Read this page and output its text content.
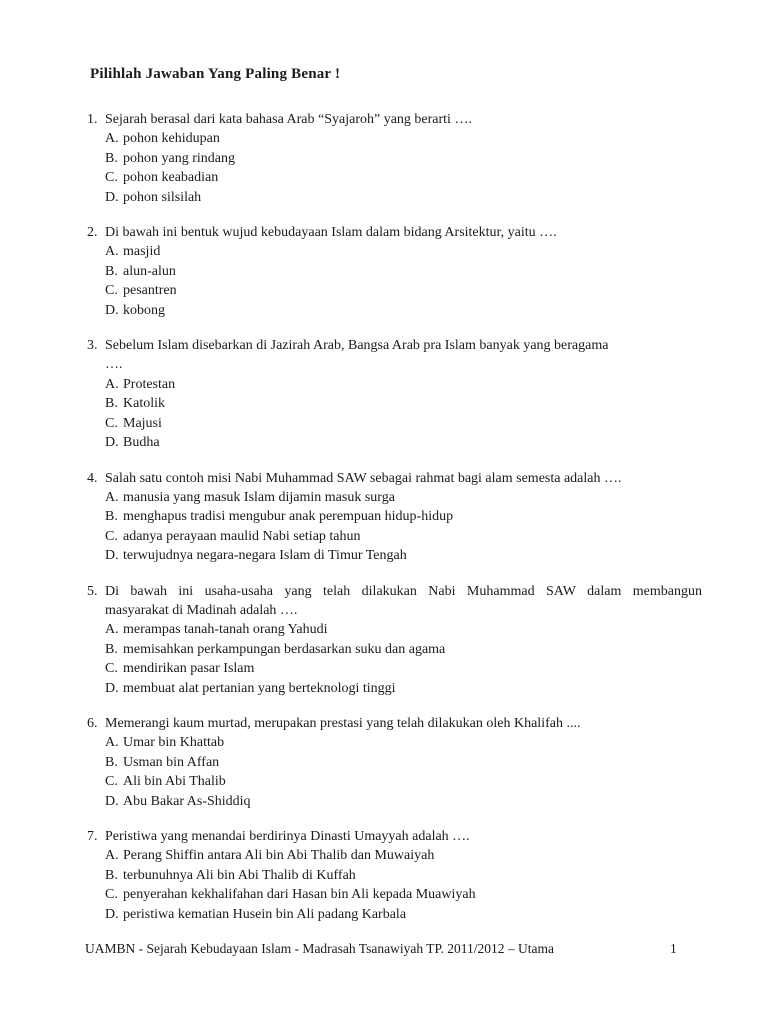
Pilihlah Jawaban Yang Paling Benar !
1. Sejarah berasal dari kata bahasa Arab “Syajaroh” yang berarti ….
A. pohon kehidupan
B. pohon yang rindang
C. pohon keabadian
D. pohon silsilah
2. Di bawah ini bentuk wujud kebudayaan Islam dalam bidang Arsitektur, yaitu ….
A. masjid
B. alun-alun
C. pesantren
D. kobong
3. Sebelum Islam disebarkan di Jazirah Arab, Bangsa Arab pra Islam banyak yang beragama
….
A. Protestan
B. Katolik
C. Majusi
D. Budha
4. Salah satu contoh misi Nabi Muhammad SAW sebagai rahmat bagi alam semesta adalah ….
A. manusia yang masuk Islam dijamin masuk surga
B. menghapus tradisi mengubur anak perempuan hidup-hidup
C. adanya perayaan maulid Nabi setiap tahun
D. terwujudnya negara-negara Islam di Timur Tengah
5. Di bawah ini usaha-usaha yang telah dilakukan Nabi Muhammad SAW dalam membangun
masyarakat di Madinah adalah ….
A. merampas tanah-tanah orang Yahudi
B. memisahkan perkampungan berdasarkan suku dan agama
C. mendirikan pasar Islam
D. membuat alat pertanian yang berteknologi tinggi
6. Memerangi kaum murtad, merupakan prestasi yang telah dilakukan oleh Khalifah ....
A. Umar bin Khattab
B. Usman bin Affan
C. Ali bin Abi Thalib
D. Abu Bakar As-Shiddiq
7. Peristiwa yang menandai berdirinya Dinasti Umayyah adalah ….
A. Perang Shiffin antara Ali bin Abi Thalib dan Muwaiyah
B. terbunuhnya Ali bin Abi Thalib di Kuffah
C. penyerahan kekhalifahan dari Hasan bin Ali kepada Muawiyah
D. peristiwa kematian Husein bin Ali padang Karbala
UAMBN - Sejarah Kebudayaan Islam - Madrasah Tsanawiyah TP. 2011/2012 – Utama	1
